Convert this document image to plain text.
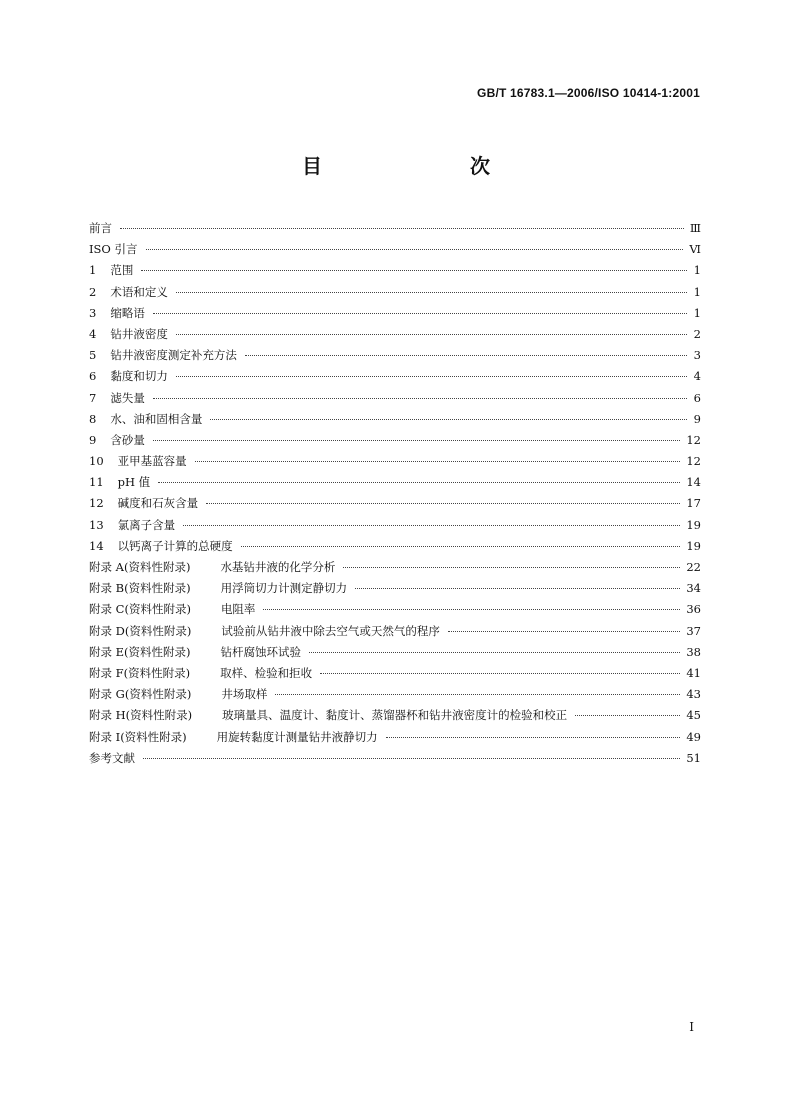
GB/T 16783.1—2006/ISO 10414-1:2001
目　　次
前言	Ⅲ
ISO 引言	Ⅵ
1 范围	1
2 术语和定义	1
3 缩略语	1
4 钻井液密度	2
5 钻井液密度测定补充方法	3
6 黏度和切力	4
7 滤失量	6
8 水、油和固相含量	9
9 含砂量	12
10 亚甲基蓝容量	12
11 pH 值	14
12 碱度和石灰含量	17
13 氯离子含量	19
14 以钙离子计算的总硬度	19
附录 A(资料性附录)	水基钻井液的化学分析	22
附录 B(资料性附录)	用浮筒切力计测定静切力	34
附录 C(资料性附录)	电阻率	36
附录 D(资料性附录)	试验前从钻井液中除去空气或天然气的程序	37
附录 E(资料性附录)	钻杆腐蚀环试验	38
附录 F(资料性附录)	取样、检验和拒收	41
附录 G(资料性附录)	井场取样	43
附录 H(资料性附录)	玻璃量具、温度计、黏度计、蒸馏器杯和钻井液密度计的检验和校正	45
附录 I(资料性附录)	用旋转黏度计测量钻井液静切力	49
参考文献	51
I
